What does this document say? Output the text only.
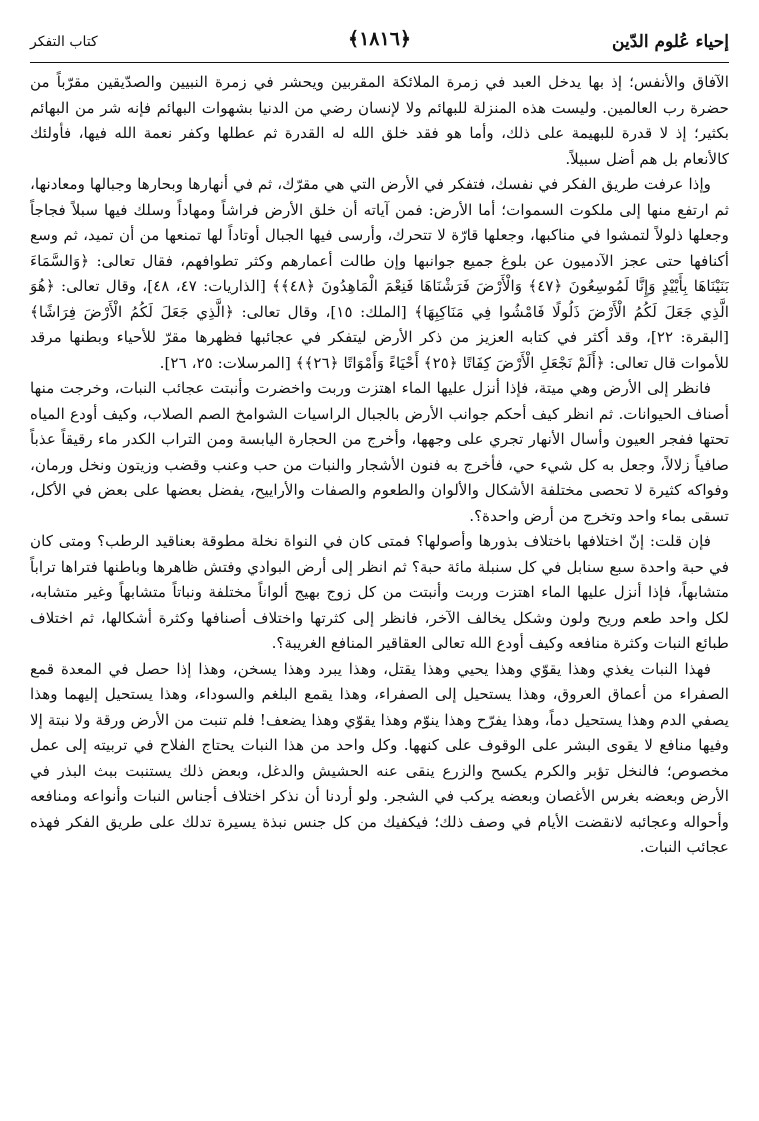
إحياء عُلوم الدّين
﴿١٨١٦﴾
كتاب التفكر

الآفاق والأنفس؛ إذ بها يدخل العبد في زمرة الملائكة المقربين ويحشر في زمرة النبيين والصدّيقين مقرّباً من حضرة رب العالمين. وليست هذه المنزلة للبهائم ولا لإنسان رضي من الدنيا بشهوات البهائم فإنه شر من البهائم بكثير؛ إذ لا قدرة للبهيمة على ذلك، وأما هو فقد خلق الله له القدرة ثم عطلها وكفر نعمة الله فيها، فأولئك كالأنعام بل هم أضل سبيلاً.

وإذا عرفت طريق الفكر في نفسك، فتفكر في الأرض التي هي مقرّك، ثم في أنهارها وبحارها وجبالها ومعادنها، ثم ارتفع منها إلى ملكوت السموات؛ أما الأرض: فمن آياته أن خلق الأرض فراشاً ومهاداً وسلك فيها سبلاً فجاجاً وجعلها ذلولاً لتمشوا في مناكبها، وجعلها قارّة لا تتحرك، وأرسى فيها الجبال أوتاداً لها تمنعها من أن تميد، ثم وسع أكنافها حتى عجز الآدميون عن بلوغ جميع جوانبها وإن طالت أعمارهم وكثر تطوافهم، فقال تعالى: ﴿وَالسَّمَاءَ بَنَيْنَاهَا بِأَيْيْدٍ وَإِنَّا لَمُوسِعُونَ ﴿٤٧﴾ وَالْأَرْضَ فَرَشْنَاهَا فَنِعْمَ الْمَاهِدُونَ ﴿٤٨﴾﴾ [الذاريات: ٤٧، ٤٨]، وقال تعالى: ﴿هُوَ الَّذِي جَعَلَ لَكُمُ الْأَرْضَ ذَلُولًا فَامْشُوا فِي مَنَاكِبِهَا﴾ [الملك: ١٥]، وقال تعالى: ﴿الَّذِي جَعَلَ لَكُمُ الْأَرْضَ فِرَاشًا﴾ [البقرة: ٢٢]، وقد أكثر في كتابه العزيز من ذكر الأرض ليتفكر في عجائبها فظهرها مقرّ للأحياء وبطنها مرقد للأموات قال تعالى: ﴿أَلَمْ نَجْعَلِ الْأَرْضَ كِفَاتًا ﴿٢٥﴾ أَحْيَاءً وَأَمْوَاتًا ﴿٢٦﴾﴾ [المرسلات: ٢٥، ٢٦].

فانظر إلى الأرض وهي ميتة، فإذا أنزل عليها الماء اهتزت وربت واخضرت وأنبتت عجائب النبات، وخرجت منها أصناف الحيوانات. ثم انظر كيف أحكم جوانب الأرض بالجبال الراسيات الشوامخ الصم الصلاب، وكيف أودع المياه تحتها ففجر العيون وأسال الأنهار تجري على وجهها، وأخرج من الحجارة اليابسة ومن التراب الكدر ماء رقيقاً عذباً صافياً زلالاً، وجعل به كل شيء حي، فأخرج به فنون الأشجار والنبات من حب وعنب وقضب وزيتون ونخل ورمان، وفواكه كثيرة لا تحصى مختلفة الأشكال والألوان والطعوم والصفات والأراييح، يفضل بعضها على بعض في الأكل، تسقى بماء واحد وتخرج من أرض واحدة؟.

فإن قلت: إنّ اختلافها باختلاف بذورها وأصولها؟ فمتى كان في النواة نخلة مطوقة بعناقيد الرطب؟ ومتى كان في حبة واحدة سبع سنابل في كل سنبلة مائة حبة؟ ثم انظر إلى أرض البوادي وفتش ظاهرها وباطنها فتراها تراباً متشابهاً، فإذا أنزل عليها الماء اهتزت وربت وأنبتت من كل زوج بهيج ألواناً مختلفة ونباتاً متشابهاً وغير متشابه، لكل واحد طعم وريح ولون وشكل يخالف الآخر، فانظر إلى كثرتها واختلاف أصنافها وكثرة أشكالها، ثم اختلاف طبائع النبات وكثرة منافعه وكيف أودع الله تعالى العقاقير المنافع الغريبة؟.

فهذا النبات يغذي وهذا يقوّي وهذا يحيي وهذا يقتل، وهذا يبرد وهذا يسخن، وهذا إذا حصل في المعدة قمع الصفراء من أعماق العروق، وهذا يستحيل إلى الصفراء، وهذا يقمع البلغم والسوداء، وهذا يستحيل إليهما وهذا يصفي الدم وهذا يستحيل دماً، وهذا يفرّح وهذا ينوّم وهذا يقوّي وهذا يضعف! فلم تنبت من الأرض ورقة ولا نبتة إلا وفيها منافع لا يقوى البشر على الوقوف على كنهها. وكل واحد من هذا النبات يحتاج الفلاح في تربيته إلى عمل مخصوص؛ فالنخل تؤبر والكرم يكسح والزرع ينقى عنه الحشيش والدغل، وبعض ذلك يستنبت ببث البذر في الأرض وبعضه بغرس الأغصان وبعضه يركب في الشجر. ولو أردنا أن نذكر اختلاف أجناس النبات وأنواعه ومنافعه وأحواله وعجائبه لانقضت الأيام في وصف ذلك؛ فيكفيك من كل جنس نبذة يسيرة تدلك على طريق الفكر فهذه عجائب النبات.
